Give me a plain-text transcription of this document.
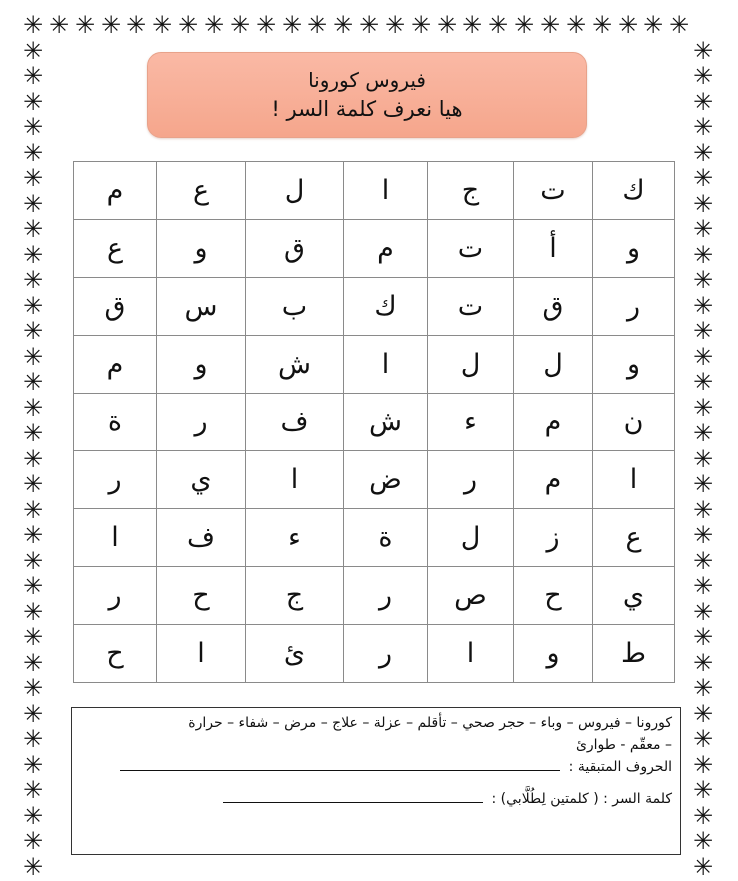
✳ ✳ ✳ ✳ ✳ ✳ ✳ ✳ ✳ ✳ ✳ ✳ ✳ ✳ ✳ ✳ ✳ ✳ ✳ ✳ ✳ ✳ ✳ ✳ ✳ ✳
✳	✳
✳	✳
✳	✳
✳	✳
✳	✳
✳	✳
✳	✳
✳	✳
✳	✳
✳	✳
✳	✳
✳	✳
✳	✳
✳	✳
✳	✳
✳	✳
✳	✳
✳	✳
✳	✳
✳	✳
✳	✳
✳	✳
✳	✳
✳	✳
✳	✳
✳	✳
✳	✳
✳	✳
✳	✳
✳	✳
✳	✳
✳	✳
✳	✳
فيروس كورونا
هيا نعرف كلمة السر !
ك	ت	ج	ا	ل	ع	م
و	أ	ت	م	ق	و	ع
ر	ق	ت	ك	ب	س	ق
و	ل	ل	ا	ش	و	م
ن	م	ء	ش	ف	ر	ة
ا	م	ر	ض	ا	ي	ر
ع	ز	ل	ة	ء	ف	ا
ي	ح	ص	ر	ج	ح	ر
ط	و	ا	ر	ئ	ا	ح
كورونا – فيروس – وباء – حجر صحي – تأقلم – عزلة – علاج – مرض – شفاء – حرارة
– معقّم - طوارئ
الحروف المتبقية :
كلمة السر : ( كلمتين لِطُلَّابي) :
